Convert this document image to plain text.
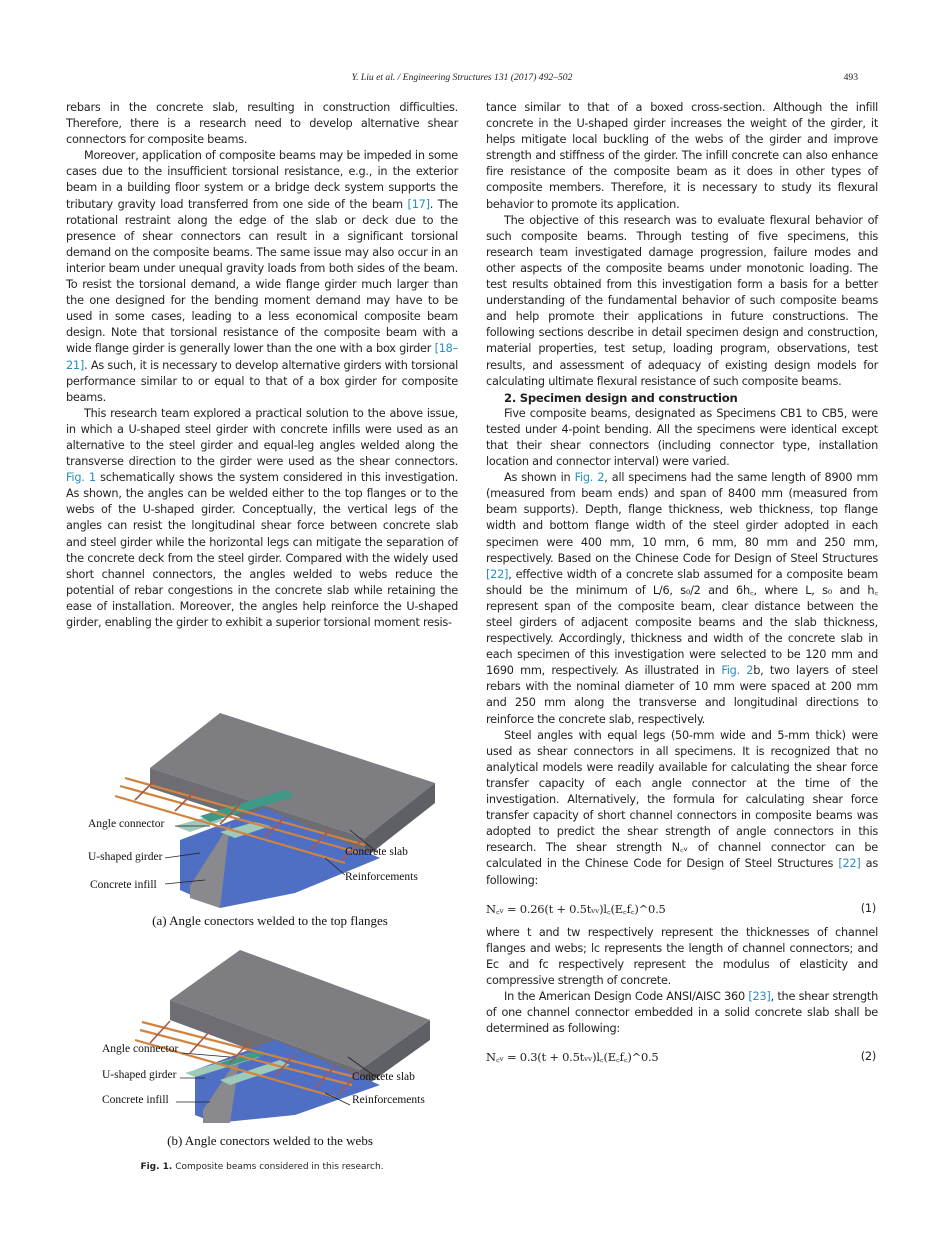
Y. Liu et al. / Engineering Structures 131 (2017) 492–502	493

rebars in the concrete slab, resulting in construction difficulties. Therefore, there is a research need to develop alternative shear connectors for composite beams.

Moreover, application of composite beams may be impeded in some cases due to the insufficient torsional resistance, e.g., in the exterior beam in a building floor system or a bridge deck system supports the tributary gravity load transferred from one side of the beam [17]. The rotational restraint along the edge of the slab or deck due to the presence of shear connectors can result in a significant torsional demand on the composite beams. The same issue may also occur in an interior beam under unequal gravity loads from both sides of the beam. To resist the torsional demand, a wide flange girder much larger than the one designed for the bending moment demand may have to be used in some cases, leading to a less economical composite beam design. Note that torsional resistance of the composite beam with a wide flange girder is generally lower than the one with a box girder [18–21]. As such, it is necessary to develop alternative girders with torsional performance similar to or equal to that of a box girder for composite beams.

This research team explored a practical solution to the above issue, in which a U-shaped steel girder with concrete infills were used as an alternative to the steel girder and equal-leg angles welded along the transverse direction to the girder were used as the shear connectors. Fig. 1 schematically shows the system considered in this investigation. As shown, the angles can be welded either to the top flanges or to the webs of the U-shaped girder. Conceptually, the vertical legs of the angles can resist the longitudinal shear force between concrete slab and steel girder while the horizontal legs can mitigate the separation of the concrete deck from the steel girder. Compared with the widely used short channel connectors, the angles welded to webs reduce the potential of rebar congestions in the concrete slab while retaining the ease of installation. Moreover, the angles help reinforce the U-shaped girder, enabling the girder to exhibit a superior torsional moment resis-

Angle connector
U-shaped girder
Concrete infill
Concrete slab
Reinforcements
(a) Angle conectors welded to the top flanges
Angle connector
U-shaped girder
Concrete infill
Concrete slab
Reinforcements
(b) Angle conectors welded to the webs
Fig. 1. Composite beams considered in this research.

tance similar to that of a boxed cross-section. Although the infill concrete in the U-shaped girder increases the weight of the girder, it helps mitigate local buckling of the webs of the girder and improve strength and stiffness of the girder. The infill concrete can also enhance fire resistance of the composite beam as it does in other types of composite members. Therefore, it is necessary to study its flexural behavior to promote its application.

The objective of this research was to evaluate flexural behavior of such composite beams. Through testing of five specimens, this research team investigated damage progression, failure modes and other aspects of the composite beams under monotonic loading. The test results obtained from this investigation form a basis for a better understanding of the fundamental behavior of such composite beams and help promote their applications in future constructions. The following sections describe in detail specimen design and construction, material properties, test setup, loading program, observations, test results, and assessment of adequacy of existing design models for calculating ultimate flexural resistance of such composite beams.

2. Specimen design and construction

Five composite beams, designated as Specimens CB1 to CB5, were tested under 4-point bending. All the specimens were identical except that their shear connectors (including connector type, installation location and connector interval) were varied.

As shown in Fig. 2, all specimens had the same length of 8900 mm (measured from beam ends) and span of 8400 mm (measured from beam supports). Depth, flange thickness, web thickness, top flange width and bottom flange width of the steel girder adopted in each specimen were 400 mm, 10 mm, 6 mm, 80 mm and 250 mm, respectively. Based on the Chinese Code for Design of Steel Structures [22], effective width of a concrete slab assumed for a composite beam should be the minimum of L/6, s₀/2 and 6h꜀, where L, s₀ and h꜀ represent span of the composite beam, clear distance between the steel girders of adjacent composite beams and the slab thickness, respectively. Accordingly, thickness and width of the concrete slab in each specimen of this investigation were selected to be 120 mm and 1690 mm, respectively. As illustrated in Fig. 2b, two layers of steel rebars with the nominal diameter of 10 mm were spaced at 200 mm and 250 mm along the transverse and longitudinal directions to reinforce the concrete slab, respectively.

Steel angles with equal legs (50-mm wide and 5-mm thick) were used as shear connectors in all specimens. It is recognized that no analytical models were readily available for calculating the shear force transfer capacity of each angle connector at the time of the investigation. Alternatively, the formula for calculating shear force transfer capacity of short channel connectors in composite beams was adopted to predict the shear strength of angle connectors in this research. The shear strength N꜀ᵥ of channel connector can be calculated in the Chinese Code for Design of Steel Structures [22] as following:

N꜀ᵥ = 0.26(t + 0.5tᵥᵥ)l꜀(E꜀f꜀)^0.5	(1)

where t and tw respectively represent the thicknesses of channel flanges and webs; lc represents the length of channel connectors; and Ec and fc respectively represent the modulus of elasticity and compressive strength of concrete.

In the American Design Code ANSI/AISC 360 [23], the shear strength of one channel connector embedded in a solid concrete slab shall be determined as following:

N꜀ᵥ = 0.3(t + 0.5tᵥᵥ)l꜀(E꜀f꜀)^0.5	(2)
